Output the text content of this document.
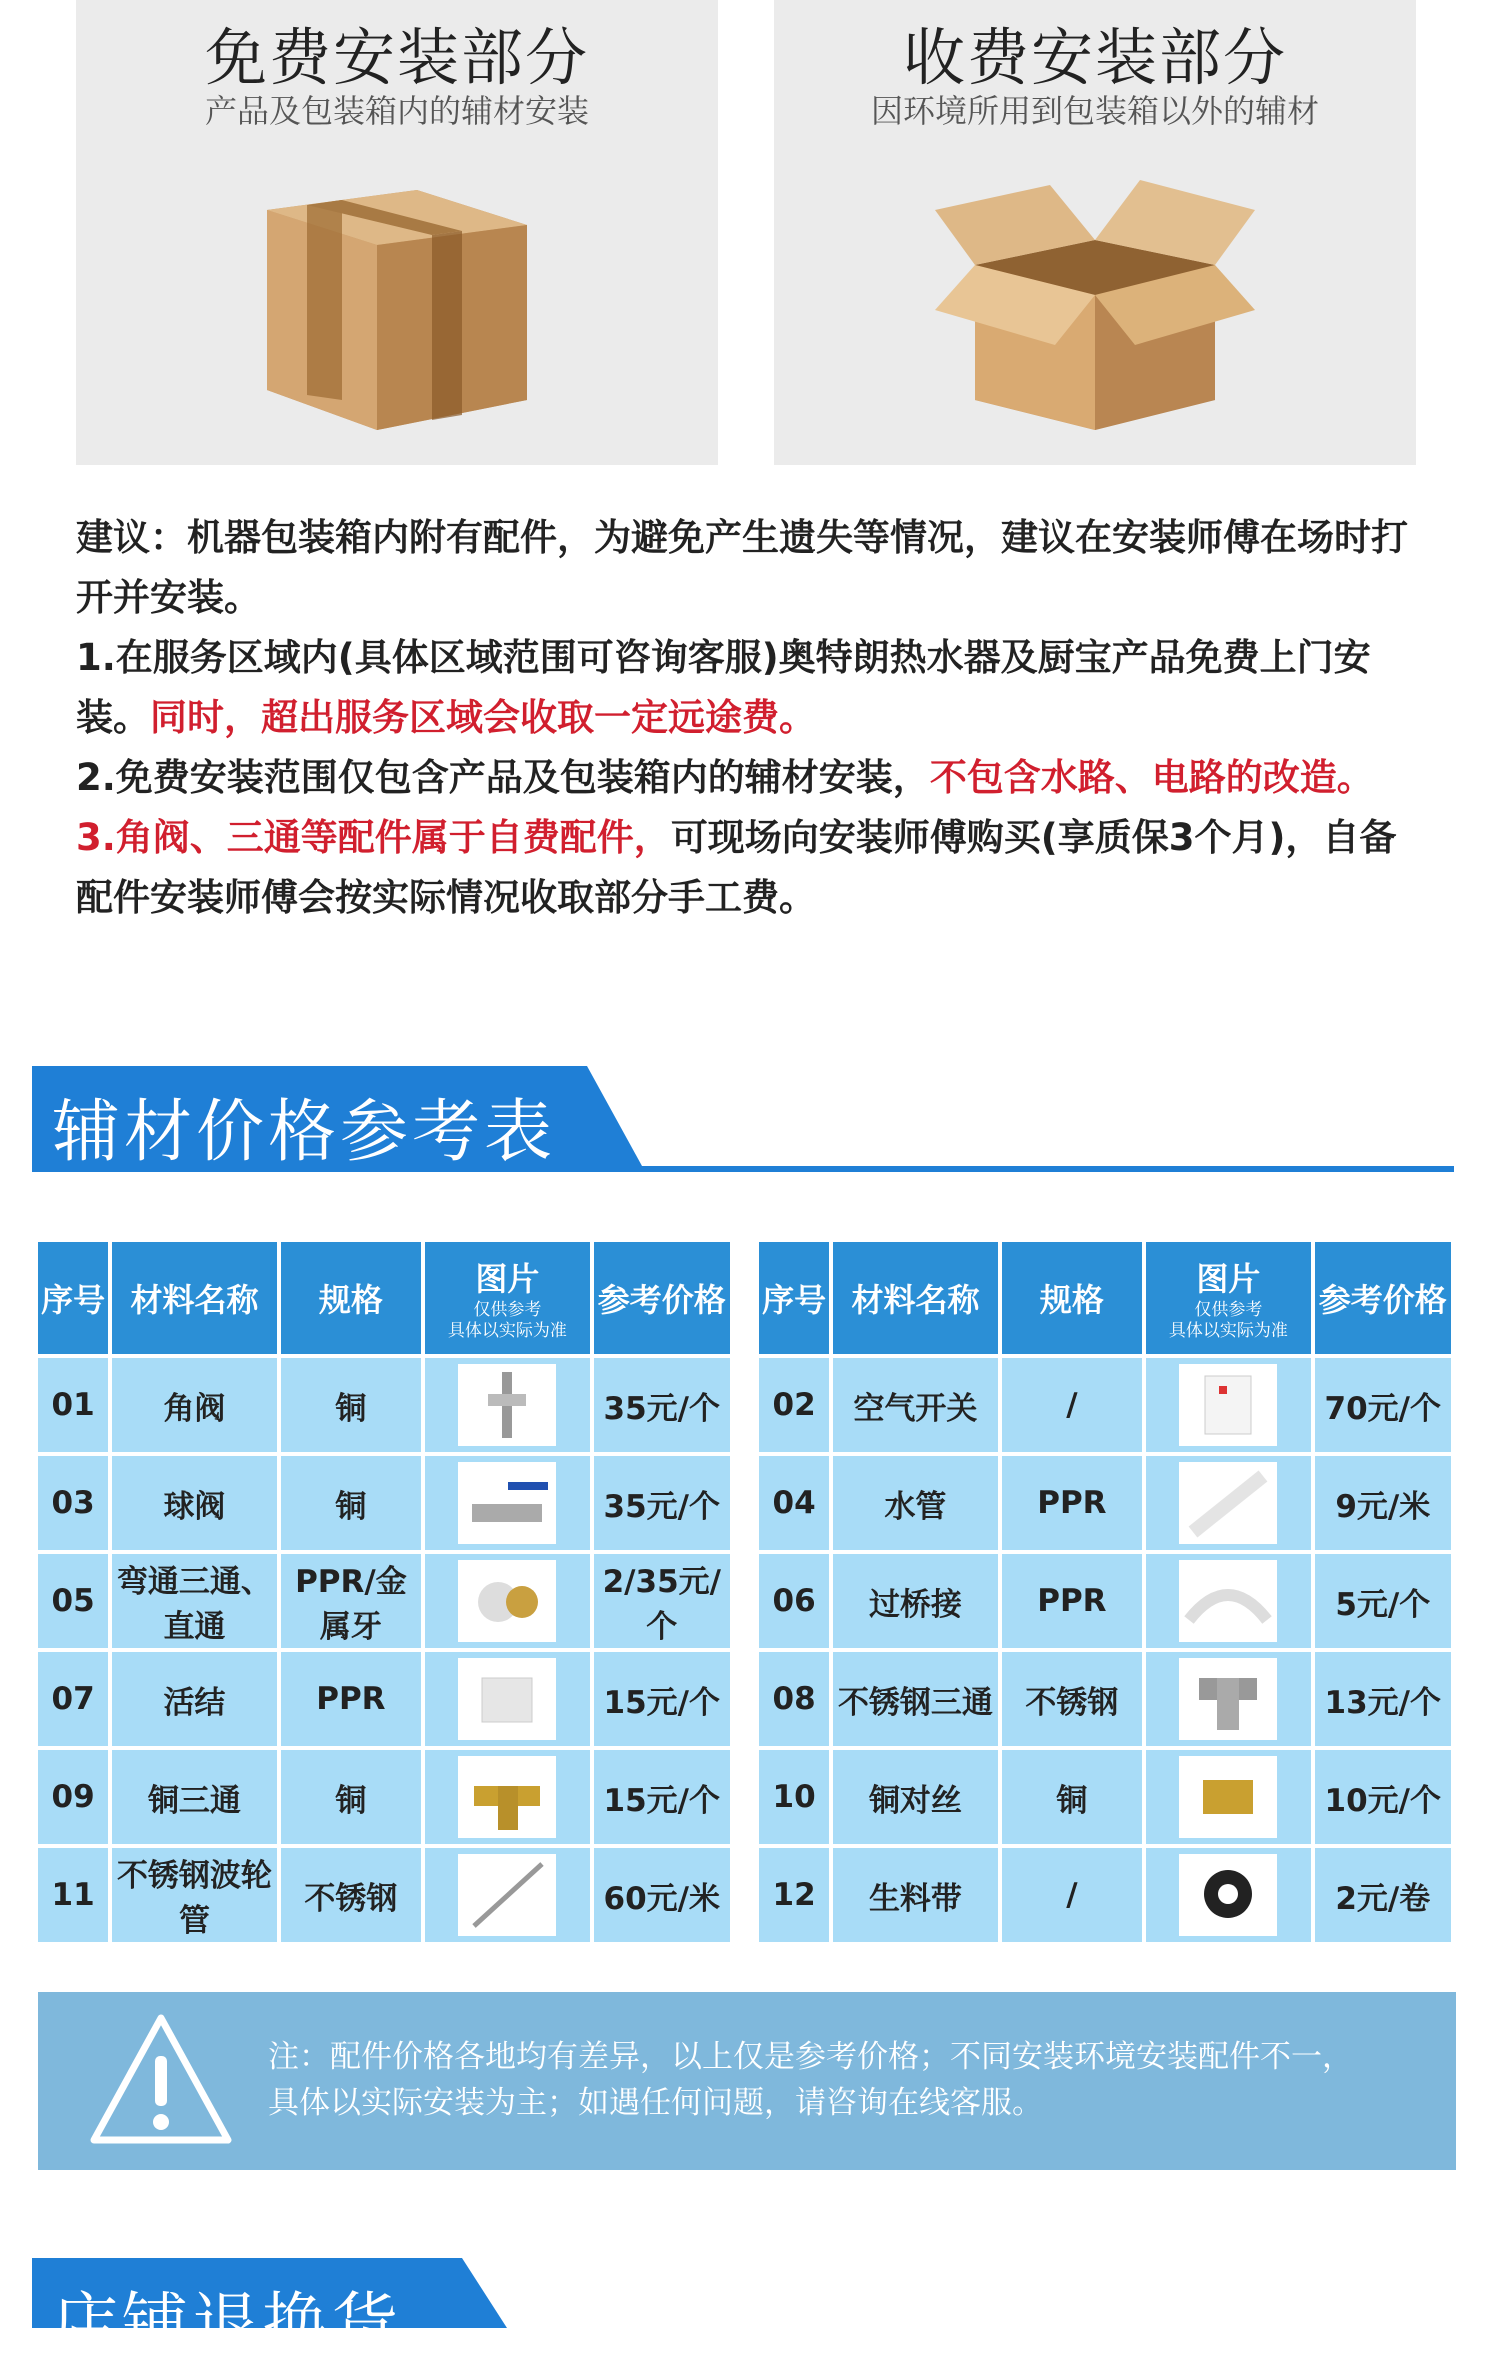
免费安装部分
产品及包装箱内的辅材安装
收费安装部分
因环境所用到包装箱以外的辅材

建议：机器包装箱内附有配件，为避免产生遗失等情况，建议在安装师傅在场时打开并安装。

1.在服务区域内(具体区域范围可咨询客服)奥特朗热水器及厨宝产品免费上门安装。同时，超出服务区域会收取一定远途费。

2.免费安装范围仅包含产品及包装箱内的辅材安装，不包含水路、电路的改造。

3.角阀、三通等配件属于自费配件，可现场向安装师傅购买(享质保3个月)，自备配件安装师傅会按实际情况收取部分手工费。

辅材价格参考表
序号	材料名称	规格	图片
仅供参考
具体以实际为准	参考价格
01	角阀	铜		35元/个
03	球阀	铜		35元/个
05	弯通三通、直通	PPR/金属牙		2/35元/个
07	活结	PPR		15元/个
09	铜三通	铜		15元/个
11	不锈钢波轮管	不锈钢		60元/米
序号	材料名称	规格	图片
仅供参考
具体以实际为准	参考价格
02	空气开关	/		70元/个
04	水管	PPR		9元/米
06	过桥接	PPR		5元/个
08	不锈钢三通	不锈钢		13元/个
10	铜对丝	铜		10元/个
12	生料带	/		2元/卷
注：配件价格各地均有差异，以上仅是参考价格；不同安装环境安装配件不一，
具体以实际安装为主；如遇任何问题，请咨询在线客服。
店铺退换货
